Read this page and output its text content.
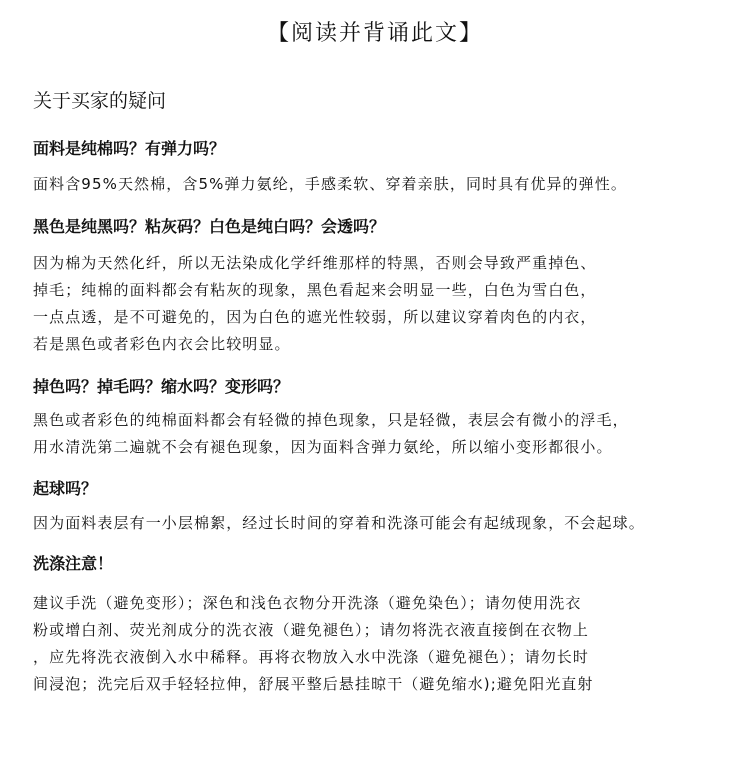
【阅读并背诵此文】
关于买家的疑问
面料是纯棉吗？有弹力吗？
面料含95%天然棉，含5%弹力氨纶，手感柔软、穿着亲肤，同时具有优异的弹性。
黑色是纯黑吗？粘灰码？白色是纯白吗？会透吗？
因为棉为天然化纤，所以无法染成化学纤维那样的特黑，否则会导致严重掉色、
掉毛；纯棉的面料都会有粘灰的现象，黑色看起来会明显一些，白色为雪白色，
一点点透，是不可避免的，因为白色的遮光性较弱，所以建议穿着肉色的内衣，
若是黑色或者彩色内衣会比较明显。
掉色吗？掉毛吗？缩水吗？变形吗？
黑色或者彩色的纯棉面料都会有轻微的掉色现象，只是轻微，表层会有微小的浮毛，
用水清洗第二遍就不会有褪色现象，因为面料含弹力氨纶，所以缩小变形都很小。
起球吗？
因为面料表层有一小层棉絮，经过长时间的穿着和洗涤可能会有起绒现象，不会起球。
洗涤注意！
建议手洗（避免变形）；深色和浅色衣物分开洗涤（避免染色）；请勿使用洗衣
粉或增白剂、荧光剂成分的洗衣液（避免褪色）；请勿将洗衣液直接倒在衣物上
，应先将洗衣液倒入水中稀释。再将衣物放入水中洗涤（避免褪色）；请勿长时
间浸泡；洗完后双手轻轻拉伸，舒展平整后悬挂晾干（避免缩水);避免阳光直射
